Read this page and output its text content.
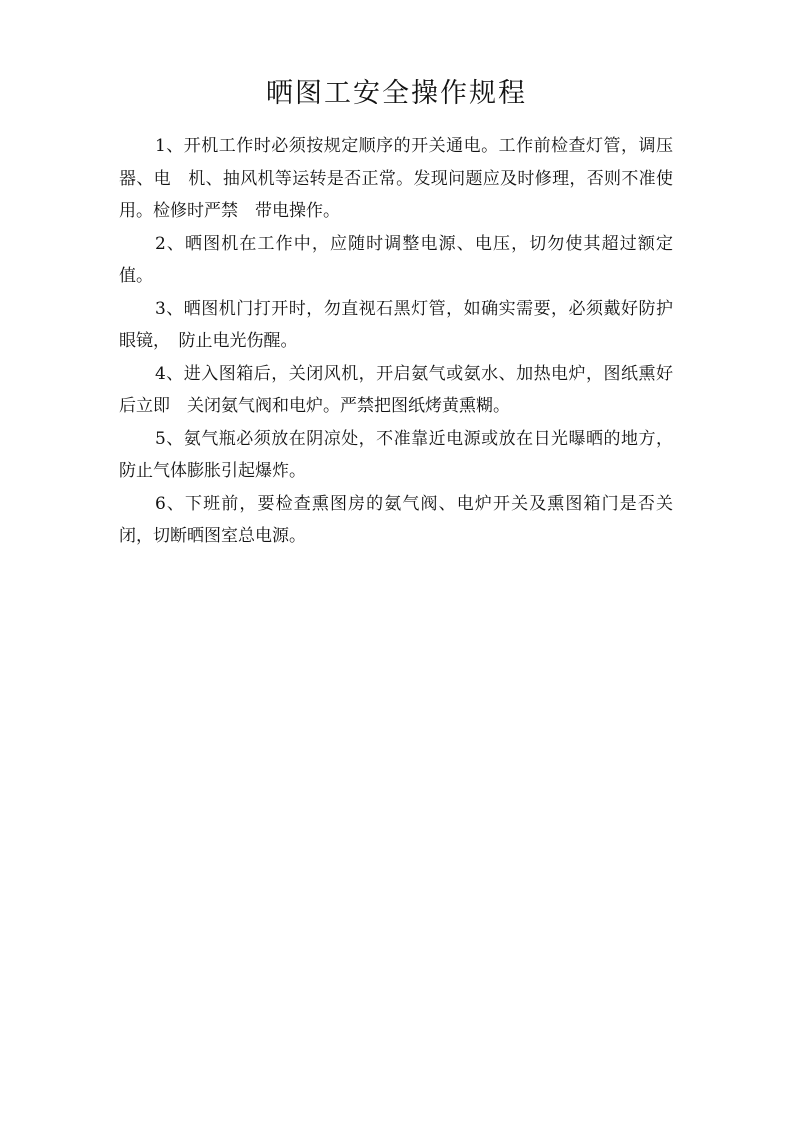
晒图工安全操作规程

1、开机工作时必须按规定顺序的开关通电。工作前检查灯管，调压器、电　机、抽风机等运转是否正常。发现问题应及时修理，否则不准使用。检修时严禁　带电操作。

2、晒图机在工作中，应随时调整电源、电压，切勿使其超过额定值。

3、晒图机门打开时，勿直视石黑灯管，如确实需要，必须戴好防护眼镜，　防止电光伤醒。

4、进入图箱后，关闭风机，开启氨气或氨水、加热电炉，图纸熏好后立即　关闭氨气阀和电炉。严禁把图纸烤黄熏糊。

5、氨气瓶必须放在阴凉处，不准靠近电源或放在日光曝晒的地方，防止气体膨胀引起爆炸。

6、下班前，要检查熏图房的氨气阀、电炉开关及熏图箱门是否关闭，切断晒图室总电源。
